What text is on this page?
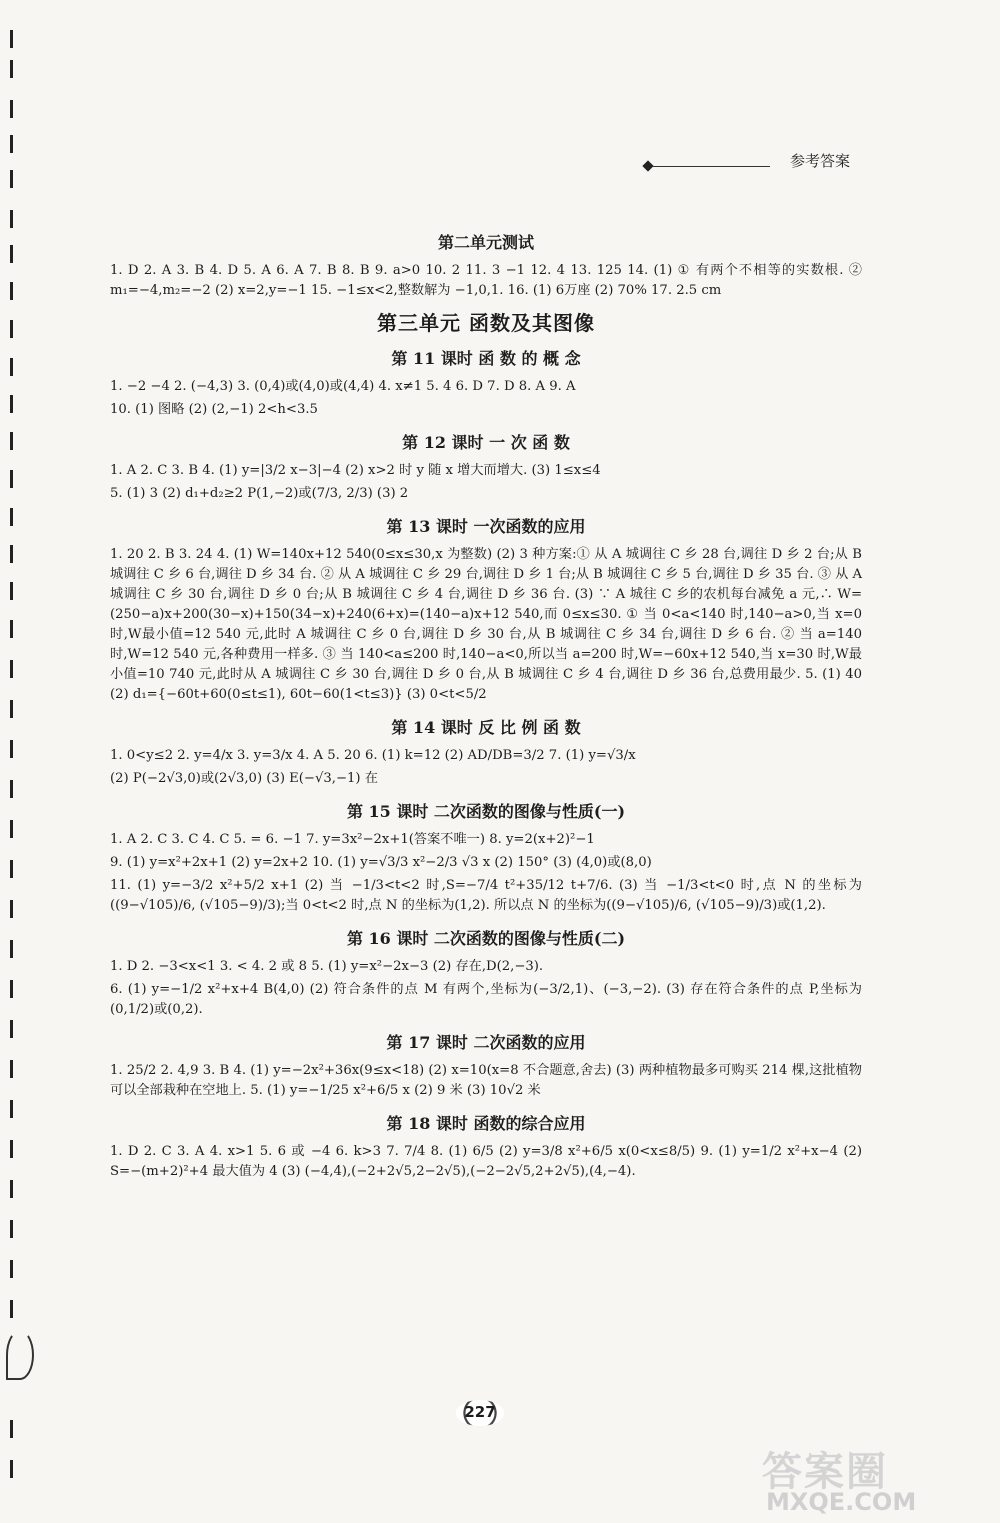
参考答案
第二单元测试

1. D 2. A 3. B 4. D 5. A 6. A 7. B 8. B 9. a>0 10. 2 11. 3 −1 12. 4 13. 125 14. (1) ① 有两个不相等的实数根. ② m₁=−4,m₂=−2 (2) x=2,y=−1 15. −1≤x<2,整数解为 −1,0,1. 16. (1) 6万座 (2) 70% 17. 2.5 cm

第三单元 函数及其图像
第 11 课时 函 数 的 概 念

1. −2 −4 2. (−4,3) 3. (0,4)或(4,0)或(4,4) 4. x≠1 5. 4 6. D 7. D 8. A 9. A

10. (1) 图略 (2) (2,−1) 2<h<3.5

第 12 课时 一 次 函 数

1. A 2. C 3. B 4. (1) y=|3/2 x−3|−4 (2) x>2 时 y 随 x 增大而增大. (3) 1≤x≤4

5. (1) 3 (2) d₁+d₂≥2 P(1,−2)或(7/3, 2/3) (3) 2

第 13 课时 一次函数的应用

1. 20 2. B 3. 24 4. (1) W=140x+12 540(0≤x≤30,x 为整数) (2) 3 种方案:① 从 A 城调往 C 乡 28 台,调往 D 乡 2 台;从 B 城调往 C 乡 6 台,调往 D 乡 34 台. ② 从 A 城调往 C 乡 29 台,调往 D 乡 1 台;从 B 城调往 C 乡 5 台,调往 D 乡 35 台. ③ 从 A 城调往 C 乡 30 台,调往 D 乡 0 台;从 B 城调往 C 乡 4 台,调往 D 乡 36 台. (3) ∵ A 城往 C 乡的农机每台减免 a 元,∴ W=(250−a)x+200(30−x)+150(34−x)+240(6+x)=(140−a)x+12 540,而 0≤x≤30. ① 当 0<a<140 时,140−a>0,当 x=0 时,W最小值=12 540 元,此时 A 城调往 C 乡 0 台,调往 D 乡 30 台,从 B 城调往 C 乡 34 台,调往 D 乡 6 台. ② 当 a=140 时,W=12 540 元,各种费用一样多. ③ 当 140<a≤200 时,140−a<0,所以当 a=200 时,W=−60x+12 540,当 x=30 时,W最小值=10 740 元,此时从 A 城调往 C 乡 30 台,调往 D 乡 0 台,从 B 城调往 C 乡 4 台,调往 D 乡 36 台,总费用最少. 5. (1) 40 (2) d₁={−60t+60(0≤t≤1), 60t−60(1<t≤3)} (3) 0<t<5/2

第 14 课时 反 比 例 函 数

1. 0<y≤2 2. y=4/x 3. y=3/x 4. A 5. 20 6. (1) k=12 (2) AD/DB=3/2 7. (1) y=√3/x

(2) P(−2√3,0)或(2√3,0) (3) E(−√3,−1) 在

第 15 课时 二次函数的图像与性质(一)

1. A 2. C 3. C 4. C 5. = 6. −1 7. y=3x²−2x+1(答案不唯一) 8. y=2(x+2)²−1

9. (1) y=x²+2x+1 (2) y=2x+2 10. (1) y=√3/3 x²−2/3 √3 x (2) 150° (3) (4,0)或(8,0)

11. (1) y=−3/2 x²+5/2 x+1 (2) 当 −1/3<t<2 时,S=−7/4 t²+35/12 t+7/6. (3) 当 −1/3<t<0 时,点 N 的坐标为((9−√105)/6, (√105−9)/3);当 0<t<2 时,点 N 的坐标为(1,2). 所以点 N 的坐标为((9−√105)/6, (√105−9)/3)或(1,2).

第 16 课时 二次函数的图像与性质(二)

1. D 2. −3<x<1 3. < 4. 2 或 8 5. (1) y=x²−2x−3 (2) 存在,D(2,−3).

6. (1) y=−1/2 x²+x+4 B(4,0) (2) 符合条件的点 M 有两个,坐标为(−3/2,1)、(−3,−2). (3) 存在符合条件的点 P,坐标为(0,1/2)或(0,2).

第 17 课时 二次函数的应用

1. 25/2 2. 4,9 3. B 4. (1) y=−2x²+36x(9≤x<18) (2) x=10(x=8 不合题意,舍去) (3) 两种植物最多可购买 214 棵,这批植物可以全部栽种在空地上. 5. (1) y=−1/25 x²+6/5 x (2) 9 米 (3) 10√2 米

第 18 课时 函数的综合应用

1. D 2. C 3. A 4. x>1 5. 6 或 −4 6. k>3 7. 7/4 8. (1) 6/5 (2) y=3/8 x²+6/5 x(0<x≤8/5) 9. (1) y=1/2 x²+x−4 (2) S=−(m+2)²+4 最大值为 4 (3) (−4,4),(−2+2√5,2−2√5),(−2−2√5,2+2√5),(4,−4).

227
答案圈
MXQE.COM
